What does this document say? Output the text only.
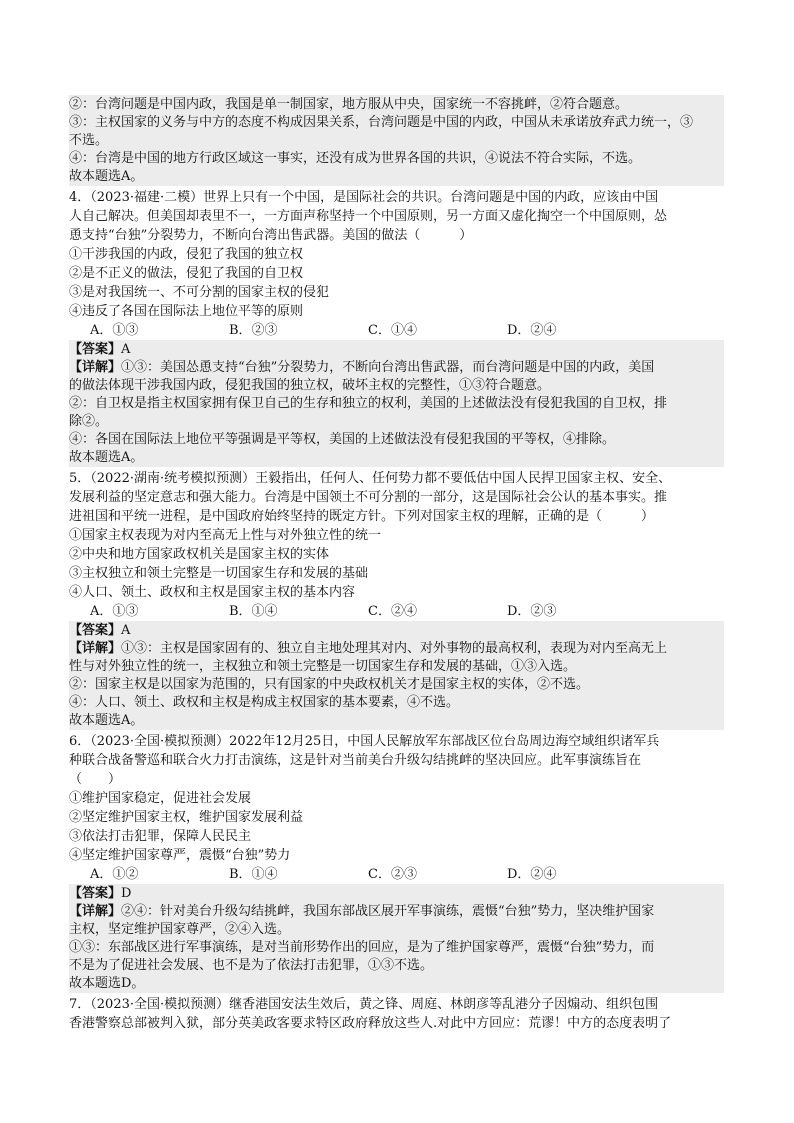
②：台湾问题是中国内政，我国是单一制国家，地方服从中央，国家统一不容挑衅，②符合题意。
③：主权国家的义务与中方的态度不构成因果关系，台湾问题是中国的内政，中国从未承诺放弃武力统一，③
不选。
④：台湾是中国的地方行政区域这一事实，还没有成为世界各国的共识，④说法不符合实际，不选。
故本题选A。
4．（2023·福建·二模）世界上只有一个中国，是国际社会的共识。台湾问题是中国的内政，应该由中国
人自己解决。但美国却表里不一，一方面声称坚持一个中国原则，另一方面又虚化掏空一个中国原则，怂
恿支持“台独”分裂势力，不断向台湾出售武器。美国的做法（　　　）
①干涉我国的内政，侵犯了我国的独立权
②是不正义的做法，侵犯了我国的自卫权
③是对我国统一、不可分割的国家主权的侵犯
④违反了各国在国际法上地位平等的原则
A．①③	B．②③	C．①④	D．②④
【答案】A
【详解】①③：美国怂恿支持“台独”分裂势力，不断向台湾出售武器，而台湾问题是中国的内政，美国
的做法体现干涉我国内政，侵犯我国的独立权，破坏主权的完整性，①③符合题意。
②：自卫权是指主权国家拥有保卫自己的生存和独立的权利，美国的上述做法没有侵犯我国的自卫权，排
除②。
④：各国在国际法上地位平等强调是平等权，美国的上述做法没有侵犯我国的平等权，④排除。
故本题选A。
5．（2022·湖南·统考模拟预测）王毅指出，任何人、任何势力都不要低估中国人民捍卫国家主权、安全、
发展利益的坚定意志和强大能力。台湾是中国领土不可分割的一部分，这是国际社会公认的基本事实。推
进祖国和平统一进程，是中国政府始终坚持的既定方针。下列对国家主权的理解，正确的是（　　　）
①国家主权表现为对内至高无上性与对外独立性的统一
②中央和地方国家政权机关是国家主权的实体
③主权独立和领土完整是一切国家生存和发展的基础
④人口、领土、政权和主权是国家主权的基本内容
A．①③	B．①④	C．②④	D．②③
【答案】A
【详解】①③：主权是国家固有的、独立自主地处理其对内、对外事物的最高权利，表现为对内至高无上
性与对外独立性的统一，主权独立和领土完整是一切国家生存和发展的基础，①③入选。
②：国家主权是以国家为范围的，只有国家的中央政权机关才是国家主权的实体，②不选。
④：人口、领土、政权和主权是构成主权国家的基本要素，④不选。
故本题选A。
6．（2023·全国·模拟预测）2022年12月25日，中国人民解放军东部战区位台岛周边海空域组织诸军兵
种联合战备警巡和联合火力打击演练，这是针对当前美台升级勾结挑衅的坚决回应。此军事演练旨在
（　　）
①维护国家稳定，促进社会发展
②坚定维护国家主权，维护国家发展利益
③依法打击犯罪，保障人民民主
④坚定维护国家尊严，震慑“台独”势力
A．①②	B．①④	C．②③	D．②④
【答案】D
【详解】②④：针对美台升级勾结挑衅，我国东部战区展开军事演练，震慑“台独”势力，坚决维护国家
主权，坚定维护国家尊严，②④入选。
①③：东部战区进行军事演练，是对当前形势作出的回应，是为了维护国家尊严，震慑“台独”势力，而
不是为了促进社会发展、也不是为了依法打击犯罪，①③不选。
故本题选D。
7．（2023·全国·模拟预测）继香港国安法生效后，黄之锋、周庭、林朗彦等乱港分子因煽动、组织包围
香港警察总部被判入狱，部分英美政客要求特区政府释放这些人.对此中方回应：荒谬！中方的态度表明了
